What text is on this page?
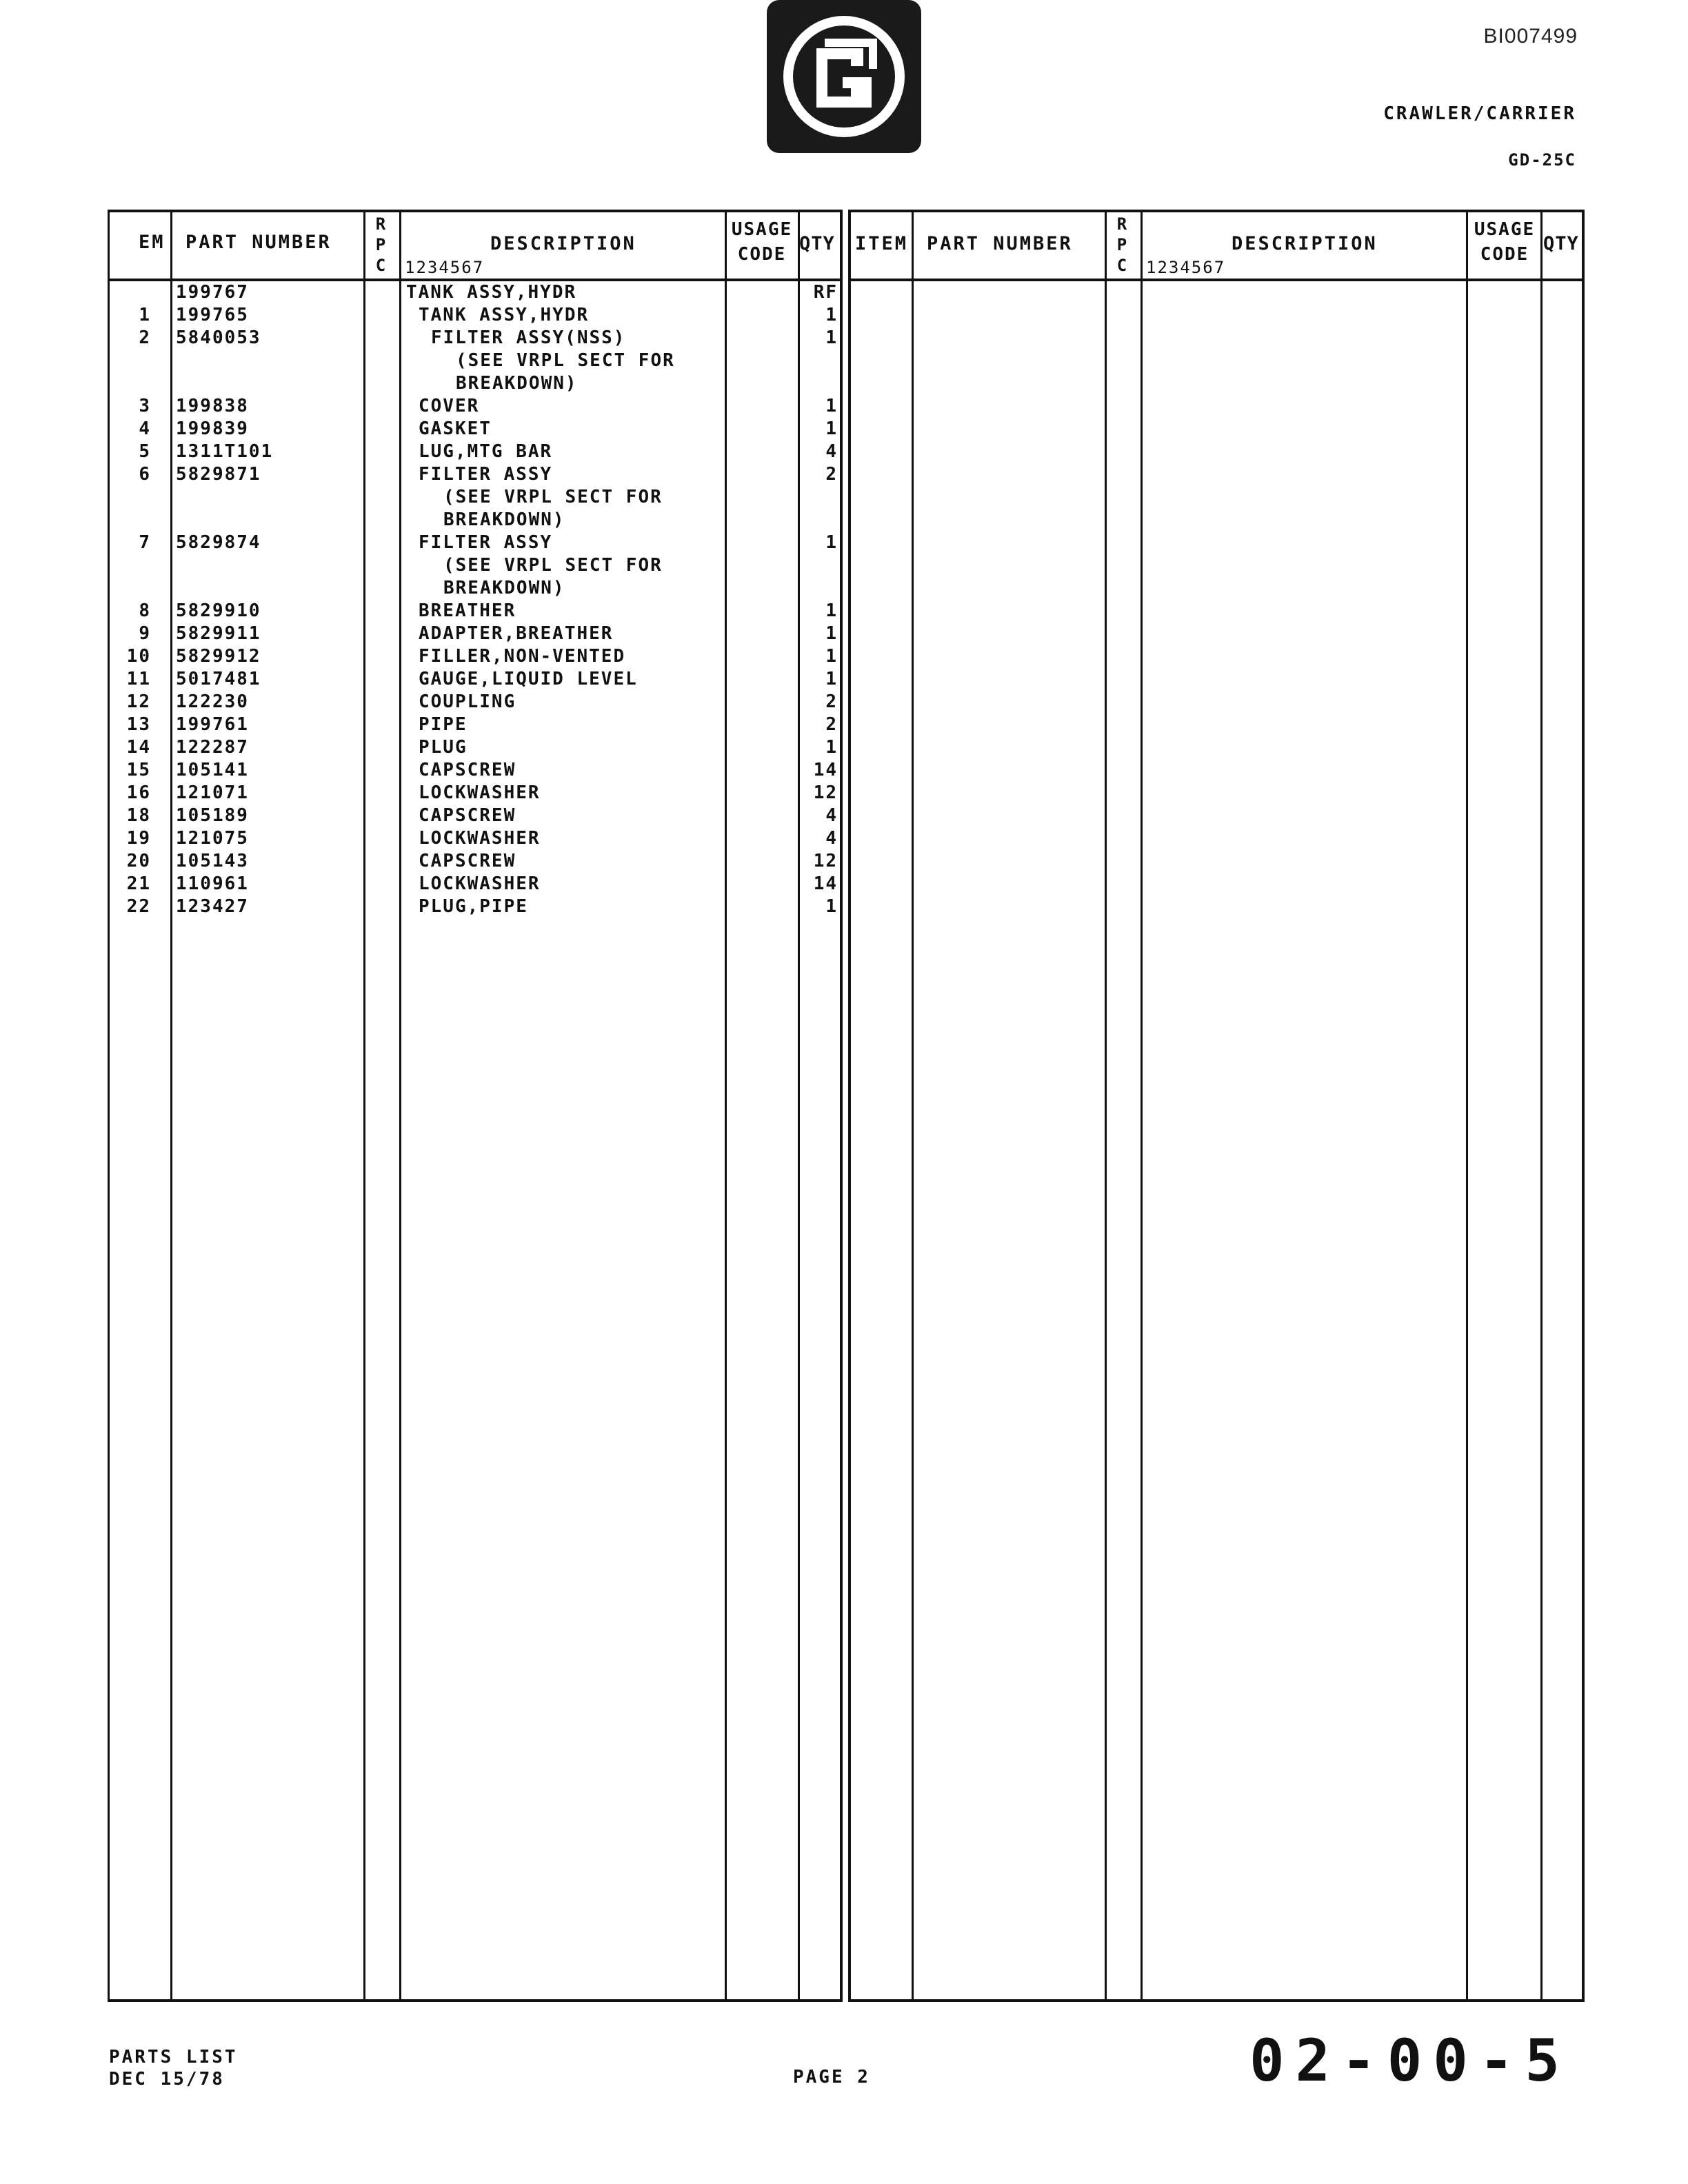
BI007499
CRAWLER/CARRIER
GD-25C
EM PART NUMBER
R
P
C
DESCRIPTION
1234567
USAGE
CODE QTY
199767	TANK ASSY,HYDR	RF
1 199765	TANK ASSY,HYDR	1
2 5840053	FILTER ASSY(NSS)	1
(SEE VRPL SECT FOR
BREAKDOWN)
3 199838	COVER	1
4 199839	GASKET	1
5 1311T101	LUG,MTG BAR	4
6 5829871	FILTER ASSY	2
(SEE VRPL SECT FOR
BREAKDOWN)
7 5829874	FILTER ASSY	1
(SEE VRPL SECT FOR
BREAKDOWN)
8 5829910	BREATHER	1
9 5829911	ADAPTER,BREATHER	1
10 5829912	FILLER,NON-VENTED	1
11 5017481	GAUGE,LIQUID LEVEL	1
12 122230	COUPLING	2
13 199761	PIPE	2
14 122287	PLUG	1
15 105141	CAPSCREW	14
16 121071	LOCKWASHER	12
18 105189	CAPSCREW	4
19 121075	LOCKWASHER	4
20 105143	CAPSCREW	12
21 110961	LOCKWASHER	14
22 123427	PLUG,PIPE	1
ITEM PART NUMBER
R
P
C
DESCRIPTION
1234567
USAGE
CODE QTY
PARTS LIST
DEC 15/78	PAGE 2	02-00-5
